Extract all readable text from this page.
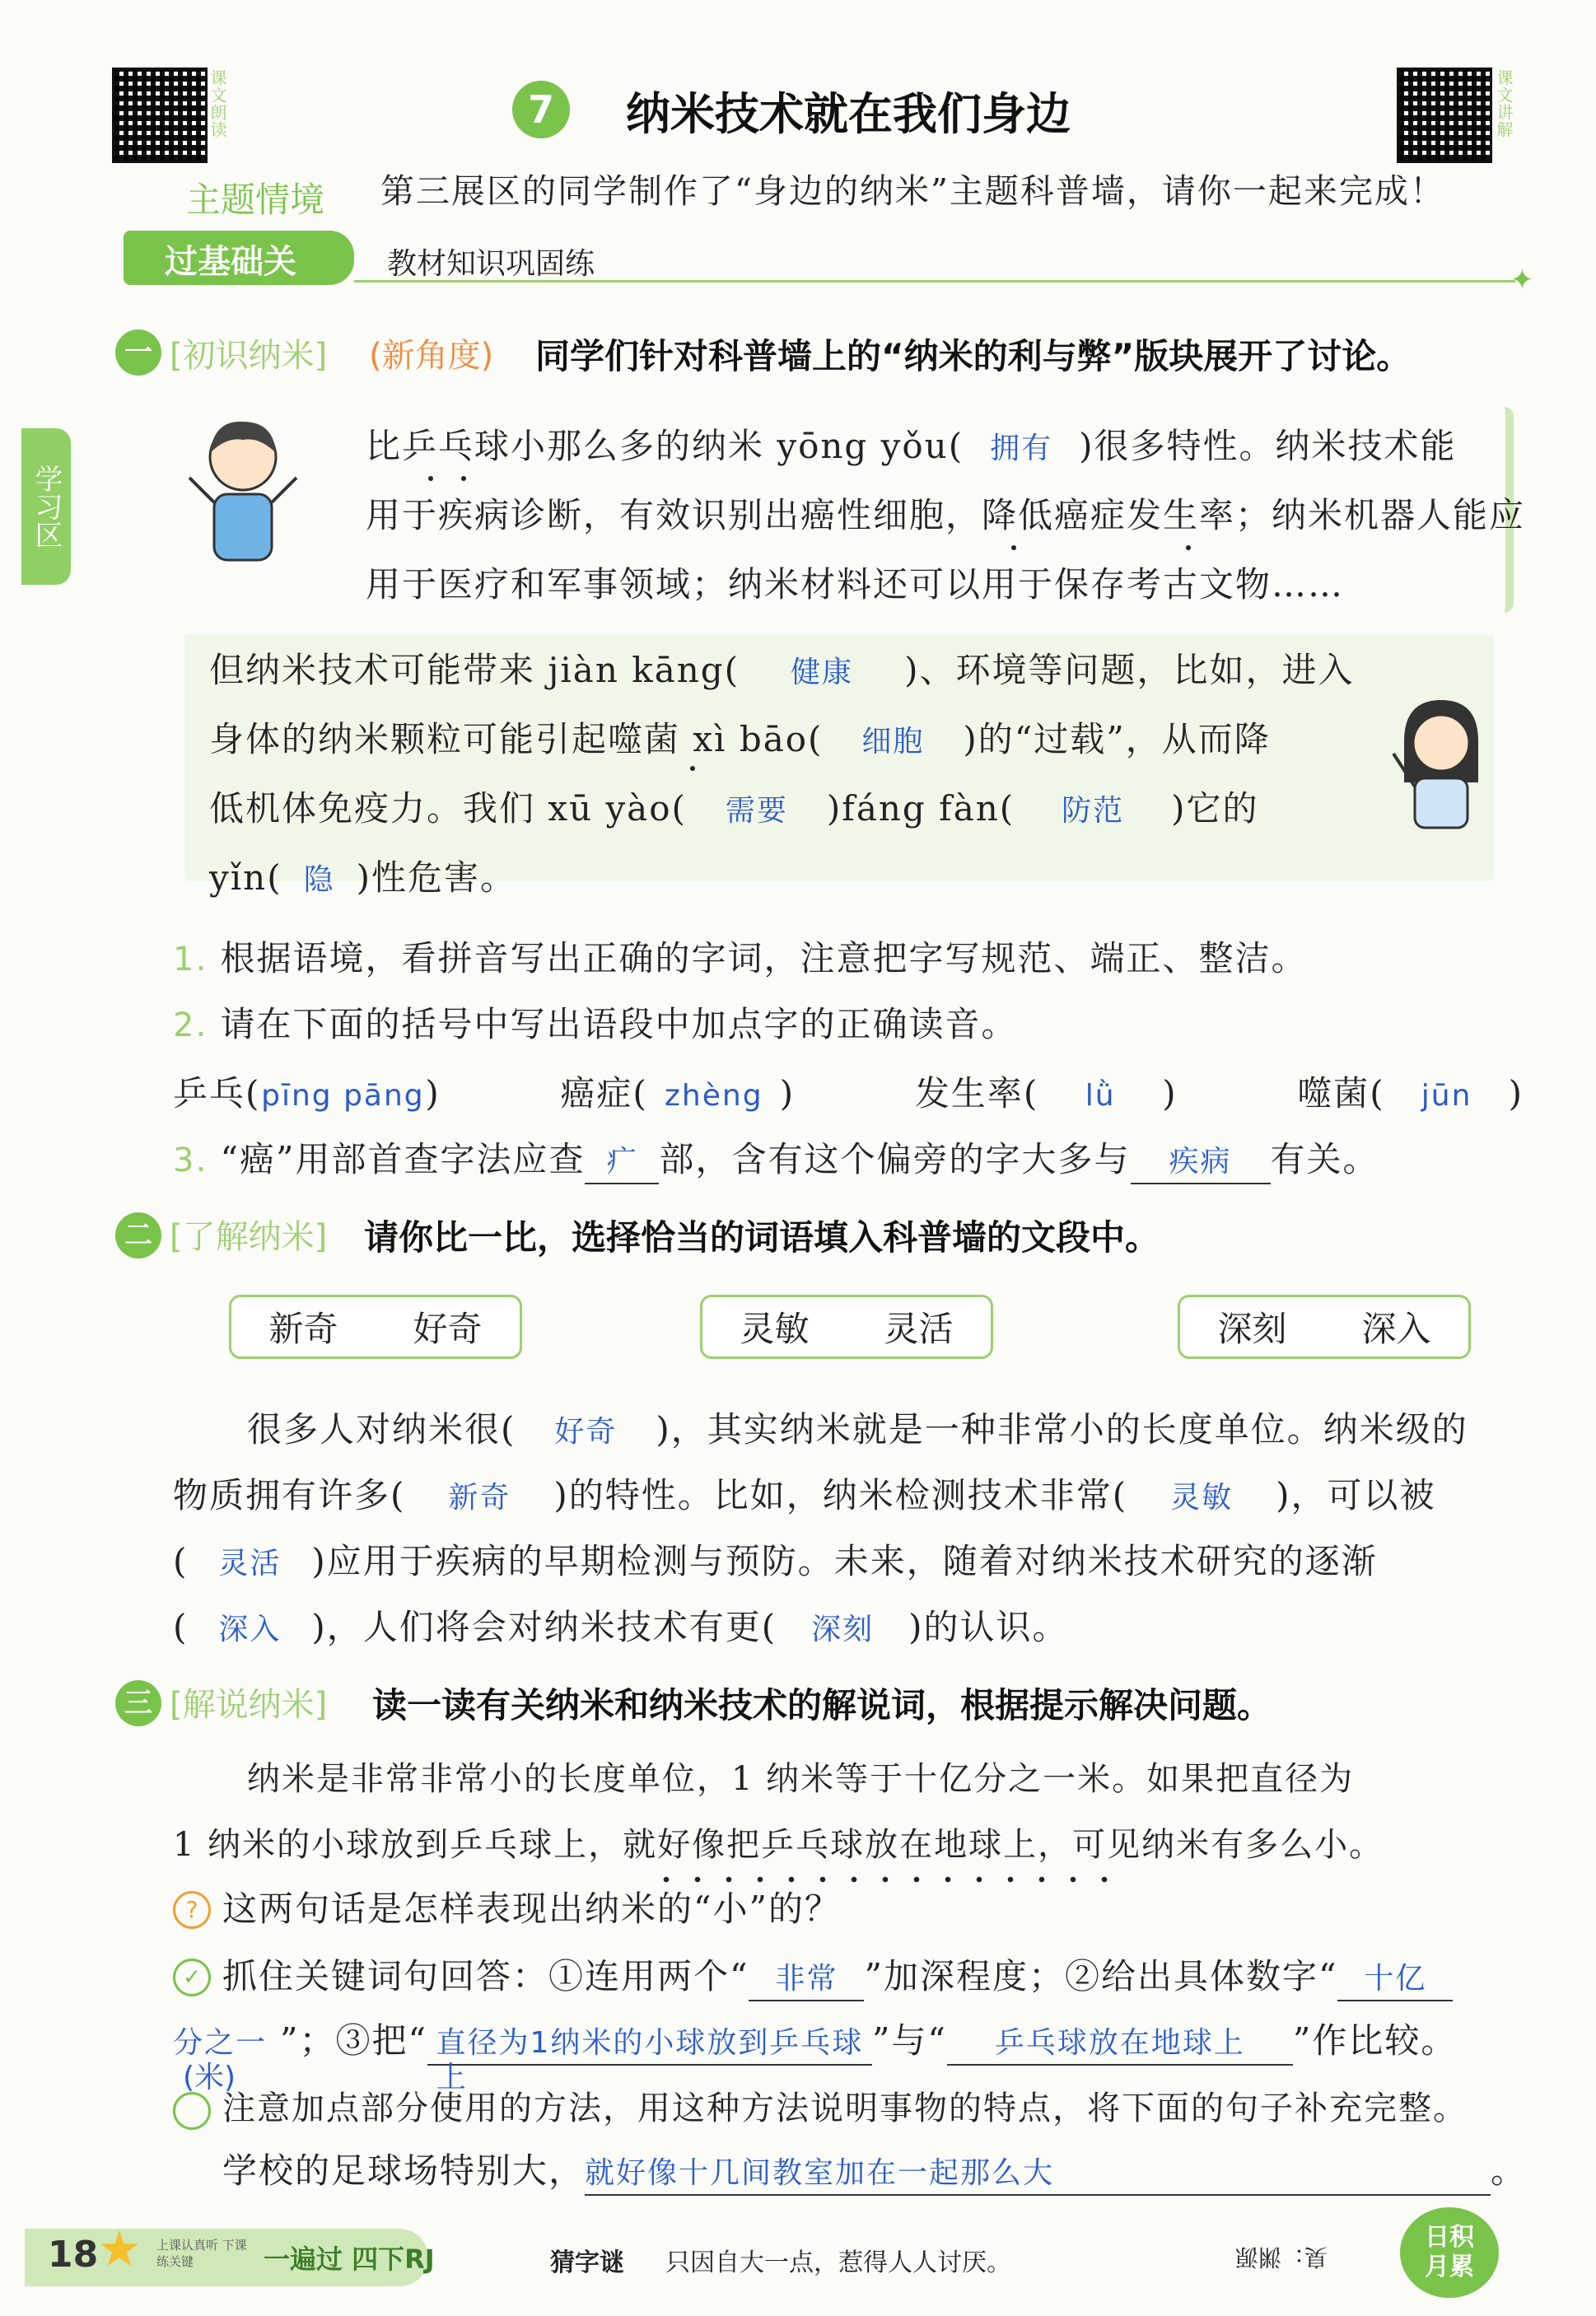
课文朗读	7	纳米技术就在我们身边	课文讲解
主题情境 第三展区的同学制作了“身边的纳米”主题科普墙，请你一起来完成！
过基础关	教材知识巩固练	✦
学习区
一 [初识纳米] (新角度) 同学们针对科普墙上的“纳米的利与弊”版块展开了讨论。
比乒乓球小那么多的纳米 yōng yǒu( 拥有 )很多特性。纳米技术能
用于疾病诊断，有效识别出癌性细胞，降低癌症发生率；纳米机器人能应
用于医疗和军事领域；纳米材料还可以用于保存考古文物……
但纳米技术可能带来 jiàn kāng( 健康 )、环境等问题，比如，进入
身体的纳米颗粒可能引起噬菌 xì bāo( 细胞 )的“过载”，从而降
低机体免疫力。我们 xū yào( 需要 )fáng fàn( 防范 )它的
yǐn( 隐 )性危害。
1. 根据语境，看拼音写出正确的字词，注意把字写规范、端正、整洁。
2. 请在下面的括号中写出语段中加点字的正确读音。
乒乓(pīng pāng)	癌症( zhèng )	发生率( lǜ )	噬菌( jūn )
3. “癌”用部首查字法应查 疒 部，含有这个偏旁的字大多与 疾病 有关。
二 [了解纳米] 请你比一比，选择恰当的词语填入科普墙的文段中。
新奇 好奇	灵敏 灵活	深刻 深入
很多人对纳米很( 好奇 )，其实纳米就是一种非常小的长度单位。纳米级的
物质拥有许多( 新奇 )的特性。比如，纳米检测技术非常( 灵敏 )，可以被
( 灵活 )应用于疾病的早期检测与预防。未来，随着对纳米技术研究的逐渐
( 深入 )，人们将会对纳米技术有更( 深刻 )的认识。
三 [解说纳米] 读一读有关纳米和纳米技术的解说词，根据提示解决问题。
纳米是非常非常小的长度单位，1 纳米等于十亿分之一米。如果把直径为
1 纳米的小球放到乒乓球上，就好像把乒乓球放在地球上，可见纳米有多么小。
? 这两句话是怎样表现出纳米的“小”的？
✓ 抓住关键词句回答：①连用两个“ 非常 ”加深程度；②给出具体数字“ 十亿
分之一 ”；③把“ 直径为1纳米的小球放到乒乓球 ”与“ 乒乓球放在地球上 ”作比较。
(米)	上
注意加点部分使用的方法，用这种方法说明事物的特点，将下面的句子补充完整。
学校的足球场特别大，就好像十几间教室加在一起那么大	。
18
★ 上课认真听 下课练关键	一遍过 四下RJ	猜字谜 只因自大一点，惹得人人讨厌。	臭：渊源
日积月累
